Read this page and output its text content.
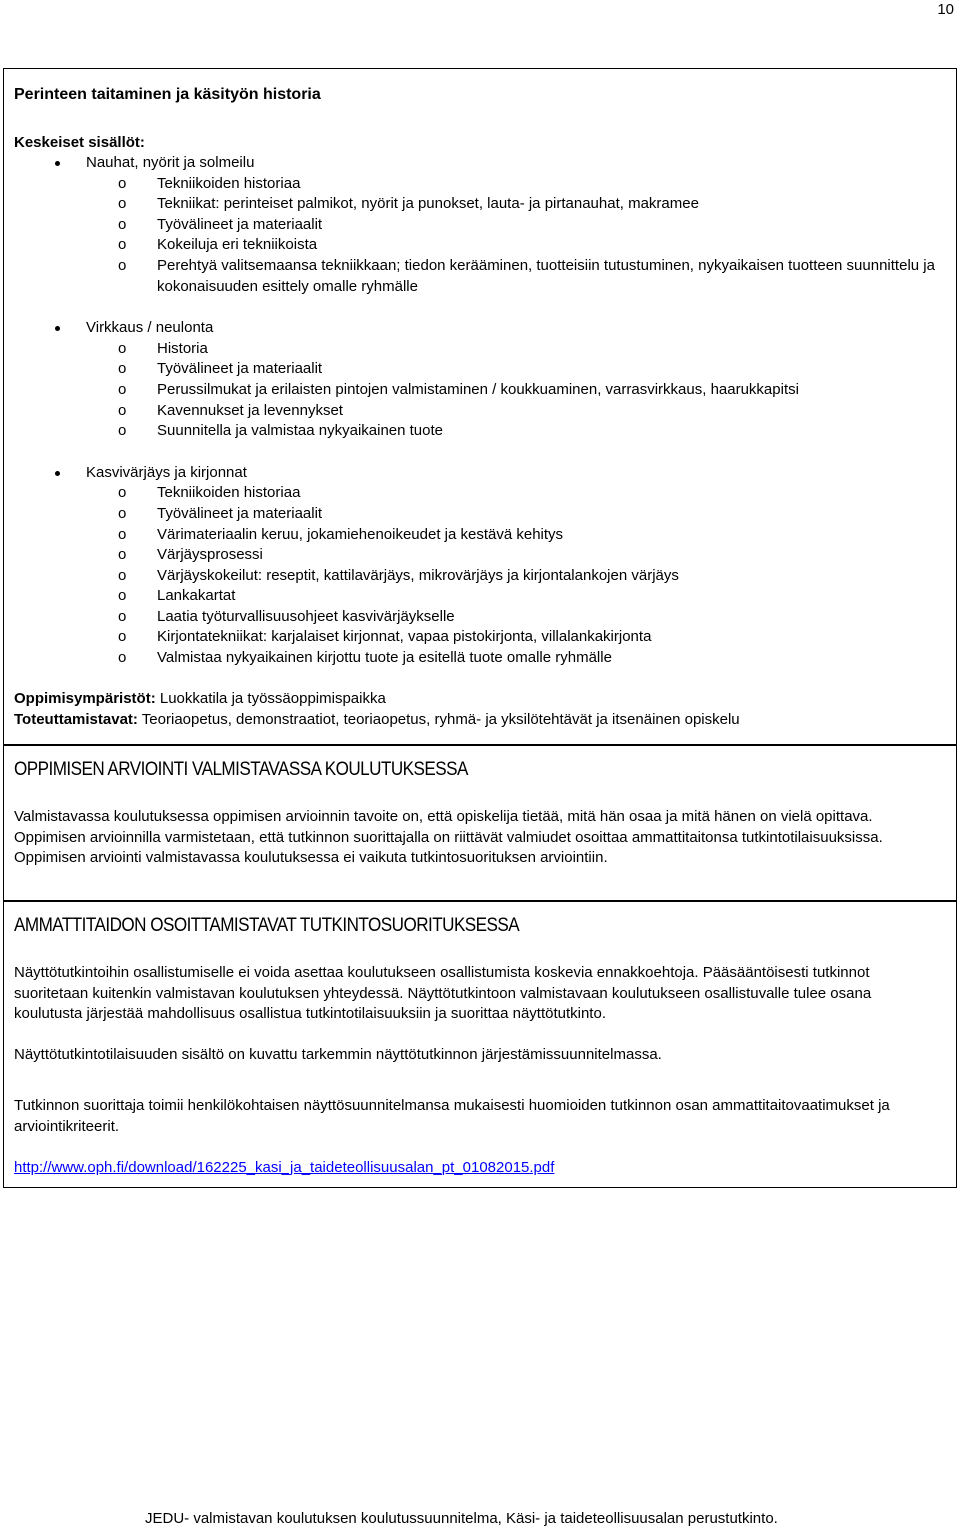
10
Perinteen taitaminen ja käsityön historia
Keskeiset sisällöt:
Nauhat, nyörit ja solmeilu
o Tekniikoiden historiaa
o Tekniikat: perinteiset palmikot, nyörit ja punokset, lauta- ja pirtanauhat, makramee
o Työvälineet ja materiaalit
o Kokeiluja eri tekniikoista
o Perehtyä valitsemaansa tekniikkaan; tiedon kerääminen, tuotteisiin tutustuminen, nykyaikaisen tuotteen suunnittelu ja kokonaisuuden esittely omalle ryhmälle
Virkkaus / neulonta
o Historia
o Työvälineet ja materiaalit
o Perussilmukat ja erilaisten pintojen valmistaminen / koukkuaminen, varrasvirkkaus, haarukkapitsi
o Kavennukset ja levennykset
o Suunnitella ja valmistaa nykyaikainen tuote
Kasvivärjäys ja kirjonnat
o Tekniikoiden historiaa
o Työvälineet ja materiaalit
o Värimateriaalin keruu, jokamiehenoikeudet ja kestävä kehitys
o Värjäysprosessi
o Värjäyskokeilut: reseptit, kattilavärjäys, mikrovärjäys ja kirjontalankojen värjäys
o Lankakartat
o Laatia työturvallisuusohjeet kasvivärjäykselle
o Kirjontatekniikat: karjalaiset kirjonnat, vapaa pistokirjonta, villalankakirjonta
o Valmistaa nykyaikainen kirjottu tuote ja esitellä tuote omalle ryhmälle
Oppimisympäristöt: Luokkatila ja työssäoppimispaikka
Toteuttamistavat: Teoriaopetus, demonstraatiot, teoriaopetus, ryhmä- ja yksilötehtävät ja itsenäinen opiskelu
OPPIMISEN ARVIOINTI VALMISTAVASSA KOULUTUKSESSA
Valmistavassa koulutuksessa oppimisen arvioinnin tavoite on, että opiskelija tietää, mitä hän osaa ja mitä hänen on vielä opittava. Oppimisen arvioinnilla varmistetaan, että tutkinnon suorittajalla on riittävät valmiudet osoittaa ammattitaitonsa tutkintotilaisuuksissa. Oppimisen arviointi valmistavassa koulutuksessa ei vaikuta tutkintosuorituksen arviointiin.
AMMATTITAIDON OSOITTAMISTAVAT TUTKINTOSUORITUKSESSA
Näyttötutkintoihin osallistumiselle ei voida asettaa koulutukseen osallistumista koskevia ennakkoehtoja. Pääsääntöisesti tutkinnot suoritetaan kuitenkin valmistavan koulutuksen yhteydessä. Näyttötutkintoon valmistavaan koulutukseen osallistuvalle tulee osana koulutusta järjestää mahdollisuus osallistua tutkintotilaisuuksiin ja suorittaa näyttötutkinto.
Näyttötutkintotilaisuuden sisältö on kuvattu tarkemmin näyttötutkinnon järjestämissuunnitelmassa.
Tutkinnon suorittaja toimii henkilökohtaisen näyttösuunnitelmansa mukaisesti huomioiden tutkinnon osan ammattitaitovaatimukset ja arviointikriteerit.
http://www.oph.fi/download/162225_kasi_ja_taideteollisuusalan_pt_01082015.pdf
JEDU- valmistavan koulutuksen koulutussuunnitelma, Käsi- ja taideteollisuusalan perustutkinto.
